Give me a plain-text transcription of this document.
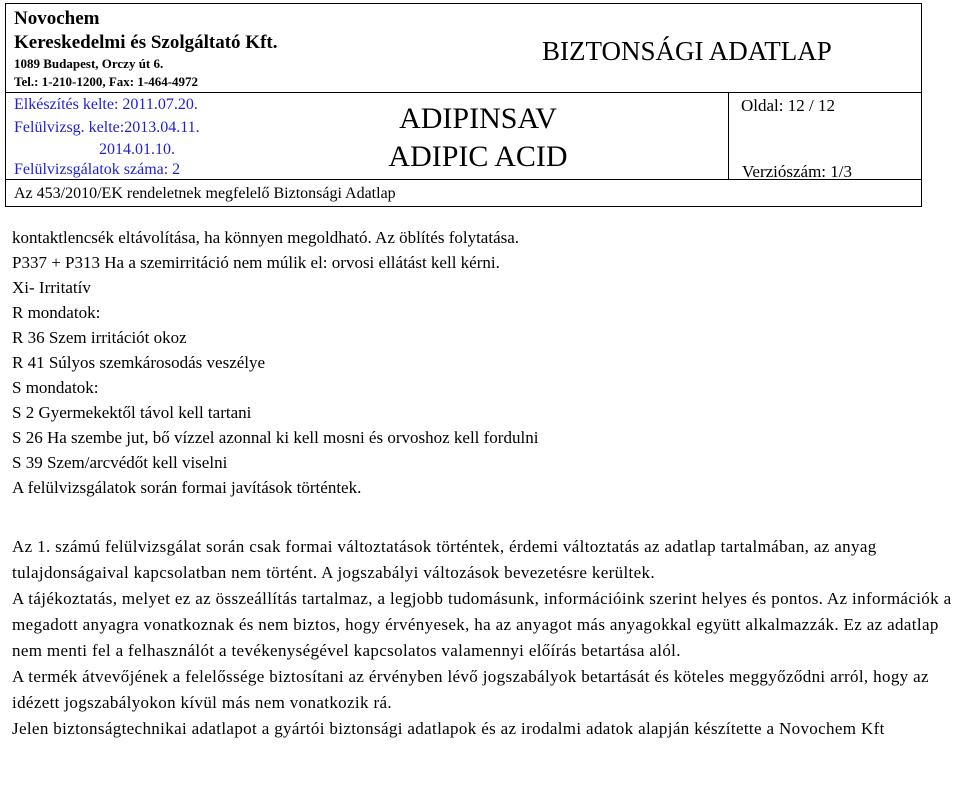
Novochem
Kereskedelmi és Szolgáltató Kft.
1089 Budapest, Orczy út 6.
Tel.: 1-210-1200, Fax: 1-464-4972
BIZTONSÁGI ADATLAP
Elkészítés kelte: 2011.07.20.
Felülvizsg. kelte:2013.04.11.
2014.01.10.
Felülvizsgálatok száma: 2
ADIPINSAV
ADIPIC ACID
Oldal: 12 / 12
Verziószám: 1/3
Az 453/2010/EK rendeletnek megfelelő Biztonsági Adatlap
kontaktlencsék eltávolítása, ha könnyen megoldható. Az öblítés folytatása.
P337 + P313 Ha a szemirritáció nem múlik el: orvosi ellátást kell kérni.
Xi- Irritatív
R mondatok:
R 36 Szem irritációt okoz
R 41 Súlyos szemkárosodás veszélye
S mondatok:
S 2 Gyermekektől távol kell tartani
S 26 Ha szembe jut, bő vízzel azonnal ki kell mosni és orvoshoz kell fordulni
S 39 Szem/arcvédőt kell viselni
A felülvizsgálatok során formai javítások történtek.
Az 1. számú felülvizsgálat során csak formai változtatások történtek, érdemi változtatás az adatlap tartalmában, az anyag tulajdonságaival kapcsolatban nem történt. A jogszabályi változások bevezetésre kerültek.
A tájékoztatás, melyet ez az összeállítás tartalmaz, a legjobb tudomásunk, információink szerint helyes és pontos. Az információk a megadott anyagra vonatkoznak és nem biztos, hogy érvényesek, ha az anyagot más anyagokkal együtt alkalmazzák. Ez az adatlap nem menti fel a felhasználót a tevékenységével kapcsolatos valamennyi előírás betartása alól.
A termék átvevőjének a felelőssége biztosítani az érvényben lévő jogszabályok betartását és köteles meggyőződni arról, hogy az idézett jogszabályokon kívül más nem vonatkozik rá.
Jelen biztonságtechnikai adatlapot a gyártói biztonsági adatlapok és az irodalmi adatok alapján készítette a Novochem Kft
